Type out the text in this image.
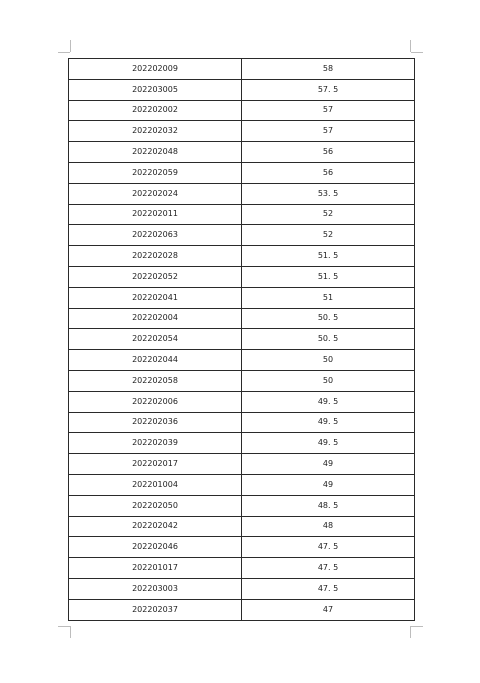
202202009	58
202203005	57. 5
202202002	57
202202032	57
202202048	56
202202059	56
202202024	53. 5
202202011	52
202202063	52
202202028	51. 5
202202052	51. 5
202202041	51
202202004	50. 5
202202054	50. 5
202202044	50
202202058	50
202202006	49. 5
202202036	49. 5
202202039	49. 5
202202017	49
202201004	49
202202050	48. 5
202202042	48
202202046	47. 5
202201017	47. 5
202203003	47. 5
202202037	47
